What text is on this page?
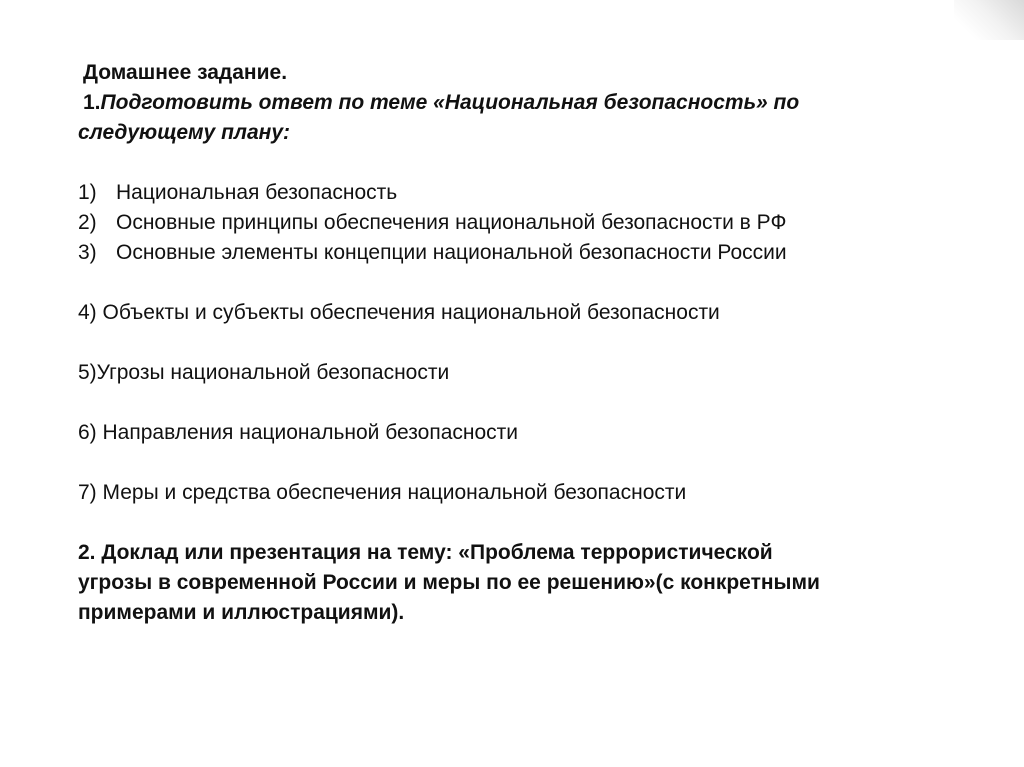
Домашнее задание.
1.Подготовить ответ по теме «Национальная безопасность» по
следующему плану:
1) Национальная безопасность
2) Основные принципы обеспечения национальной безопасности в РФ
3) Основные элементы концепции национальной безопасности России
4) Объекты и субъекты обеспечения национальной безопасности
5)Угрозы национальной безопасности
6) Направления национальной безопасности
7) Меры и средства обеспечения национальной безопасности
2. Доклад или презентация на тему: «Проблема террористической
угрозы в современной России и меры по ее решению»(с конкретными
примерами и иллюстрациями).
